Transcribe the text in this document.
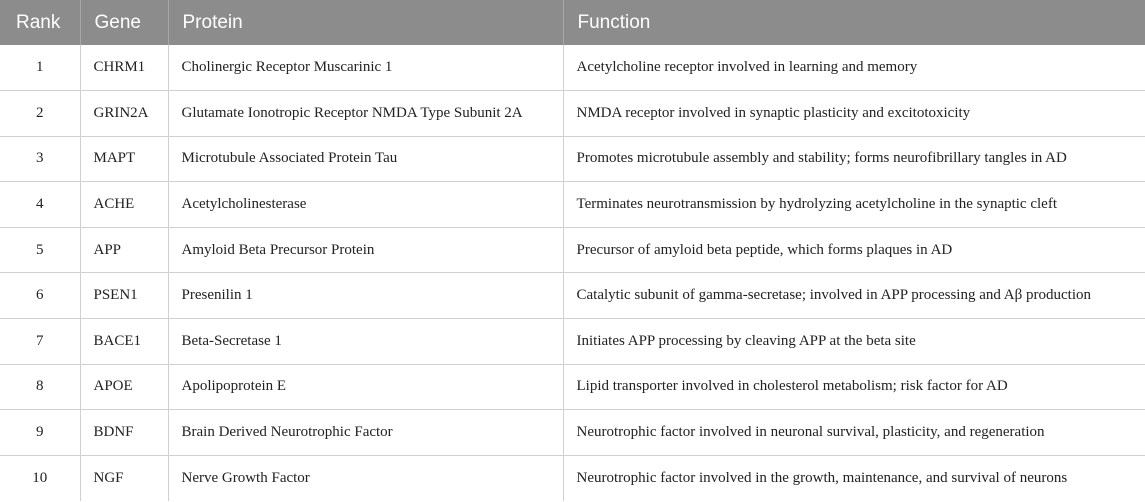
Rank	Gene	Protein	Function
1	CHRM1	Cholinergic Receptor Muscarinic 1	Acetylcholine receptor involved in learning and memory
2	GRIN2A	Glutamate Ionotropic Receptor NMDA Type Subunit 2A	NMDA receptor involved in synaptic plasticity and excitotoxicity
3	MAPT	Microtubule Associated Protein Tau	Promotes microtubule assembly and stability; forms neurofibrillary tangles in AD
4	ACHE	Acetylcholinesterase	Terminates neurotransmission by hydrolyzing acetylcholine in the synaptic cleft
5	APP	Amyloid Beta Precursor Protein	Precursor of amyloid beta peptide, which forms plaques in AD
6	PSEN1	Presenilin 1	Catalytic subunit of gamma-secretase; involved in APP processing and Aβ production
7	BACE1	Beta-Secretase 1	Initiates APP processing by cleaving APP at the beta site
8	APOE	Apolipoprotein E	Lipid transporter involved in cholesterol metabolism; risk factor for AD
9	BDNF	Brain Derived Neurotrophic Factor	Neurotrophic factor involved in neuronal survival, plasticity, and regeneration
10	NGF	Nerve Growth Factor	Neurotrophic factor involved in the growth, maintenance, and survival of neurons
